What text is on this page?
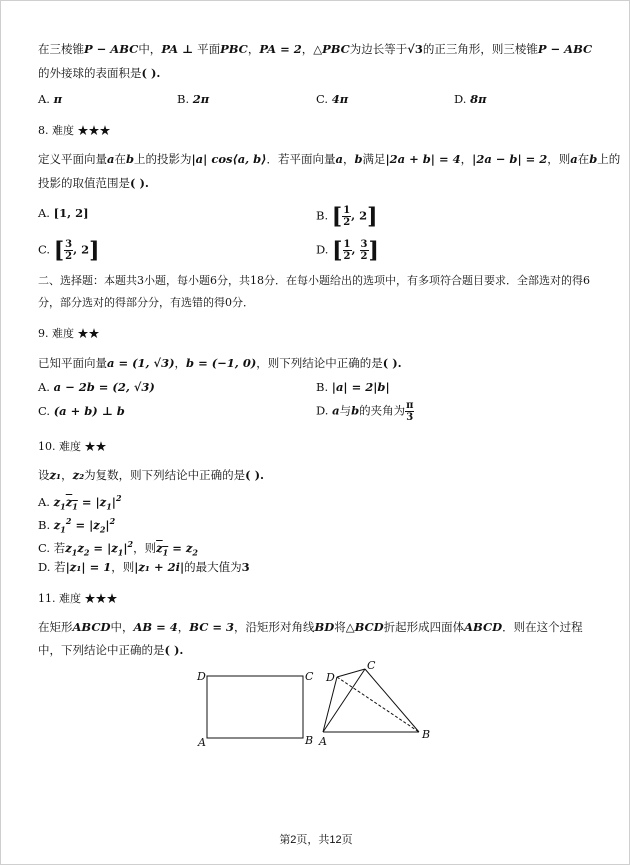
在三棱锥P − ABC中，PA ⊥ 平面PBC，PA = 2，△PBC为边长等于√3的正三角形，则三棱锥P − ABC
的外接球的表面积是( ).
A. π	B. 2π	C. 4π	D. 8π
8. 难度 ★★★
定义平面向量a在b上的投影为|a| cos⟨a, b⟩．若平面向量a，b满足|2a + b| = 4，|2a − b| = 2，则a在b上的
投影的取值范围是( ).
A. [1, 2]	B. [ $\frac{1}{2}$ , 2]
C. [ $\frac{3}{2}$ , 2]	D. [ $\frac{1}{2}$ , $\frac{3}{2}$ ]
二、选择题：本题共3小题，每小题6分，共18分．在每小题给出的选项中，有多项符合题目要求．全部选对的得6
分，部分选对的得部分分，有选错的得0分．
9. 难度 ★★
已知平面向量a = (1, √3)，b = (−1, 0)，则下列结论中正确的是( ).
A. a − 2b = (2, √3)	B. |a| = 2|b|
C. (a + b) ⊥ b	D. a与b的夹角为 $\frac{\pi}{3}$
10. 难度 ★★
设z₁，z₂为复数，则下列结论中正确的是( ).
A. $z_1z_1 = |z_1|^2$
B. $z_1^2 = |z_2|^2$
C. 若$z_1z_2 = |z_1|^2$，则$z_1 = z_2$
D. 若|z₁| = 1，则|z₁ + 2i|的最大值为3
11. 难度 ★★★
在矩形ABCD中，AB = 4，BC = 3，沿矩形对角线BD将△BCD折起形成四面体ABCD．则在这个过程
中，下列结论中正确的是( ).
D	C
A	B
D
C
A
B
第2页，共12页
